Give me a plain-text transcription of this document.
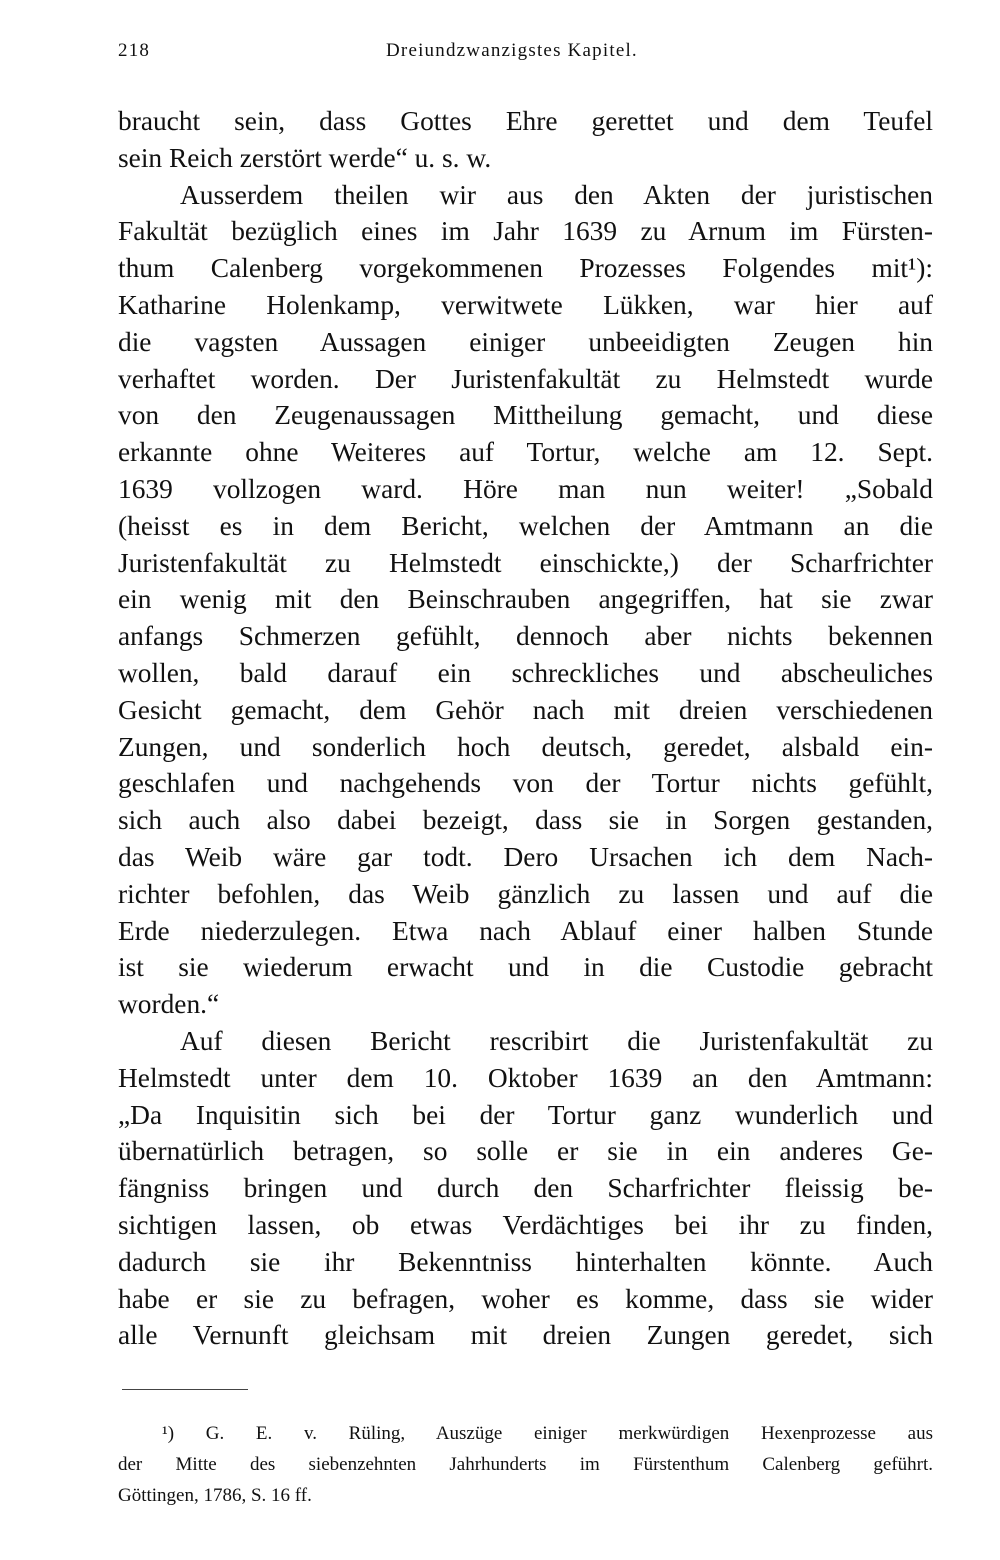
218	Dreiundzwanzigstes Kapitel.
braucht sein, dass Gottes Ehre gerettet und dem Teufel
sein Reich zerstört werde“ u. s. w.
Ausserdem theilen wir aus den Akten der juristischen
Fakultät bezüglich eines im Jahr 1639 zu Arnum im Fürsten-
thum Calenberg vorgekommenen Prozesses Folgendes mit¹):
Katharine Holenkamp, verwitwete Lükken, war hier auf
die vagsten Aussagen einiger unbeeidigten Zeugen hin
verhaftet worden. Der Juristenfakultät zu Helmstedt wurde
von den Zeugenaussagen Mittheilung gemacht, und diese
erkannte ohne Weiteres auf Tortur, welche am 12. Sept.
1639 vollzogen ward. Höre man nun weiter! „Sobald
(heisst es in dem Bericht, welchen der Amtmann an die
Juristenfakultät zu Helmstedt einschickte,) der Scharfrichter
ein wenig mit den Beinschrauben angegriffen, hat sie zwar
anfangs Schmerzen gefühlt, dennoch aber nichts bekennen
wollen, bald darauf ein schreckliches und abscheuliches
Gesicht gemacht, dem Gehör nach mit dreien verschiedenen
Zungen, und sonderlich hoch deutsch, geredet, alsbald ein-
geschlafen und nachgehends von der Tortur nichts gefühlt,
sich auch also dabei bezeigt, dass sie in Sorgen gestanden,
das Weib wäre gar todt. Dero Ursachen ich dem Nach-
richter befohlen, das Weib gänzlich zu lassen und auf die
Erde niederzulegen. Etwa nach Ablauf einer halben Stunde
ist sie wiederum erwacht und in die Custodie gebracht
worden.“
Auf diesen Bericht rescribirt die Juristenfakultät zu
Helmstedt unter dem 10. Oktober 1639 an den Amtmann:
„Da Inquisitin sich bei der Tortur ganz wunderlich und
übernatürlich betragen, so solle er sie in ein anderes Ge-
fängniss bringen und durch den Scharfrichter fleissig be-
sichtigen lassen, ob etwas Verdächtiges bei ihr zu finden,
dadurch sie ihr Bekenntniss hinterhalten könnte. Auch
habe er sie zu befragen, woher es komme, dass sie wider
alle Vernunft gleichsam mit dreien Zungen geredet, sich
¹) G. E. v. Rüling, Auszüge einiger merkwürdigen Hexenprozesse aus
der Mitte des siebenzehnten Jahrhunderts im Fürstenthum Calenberg geführt.
Göttingen, 1786, S. 16 ff.
